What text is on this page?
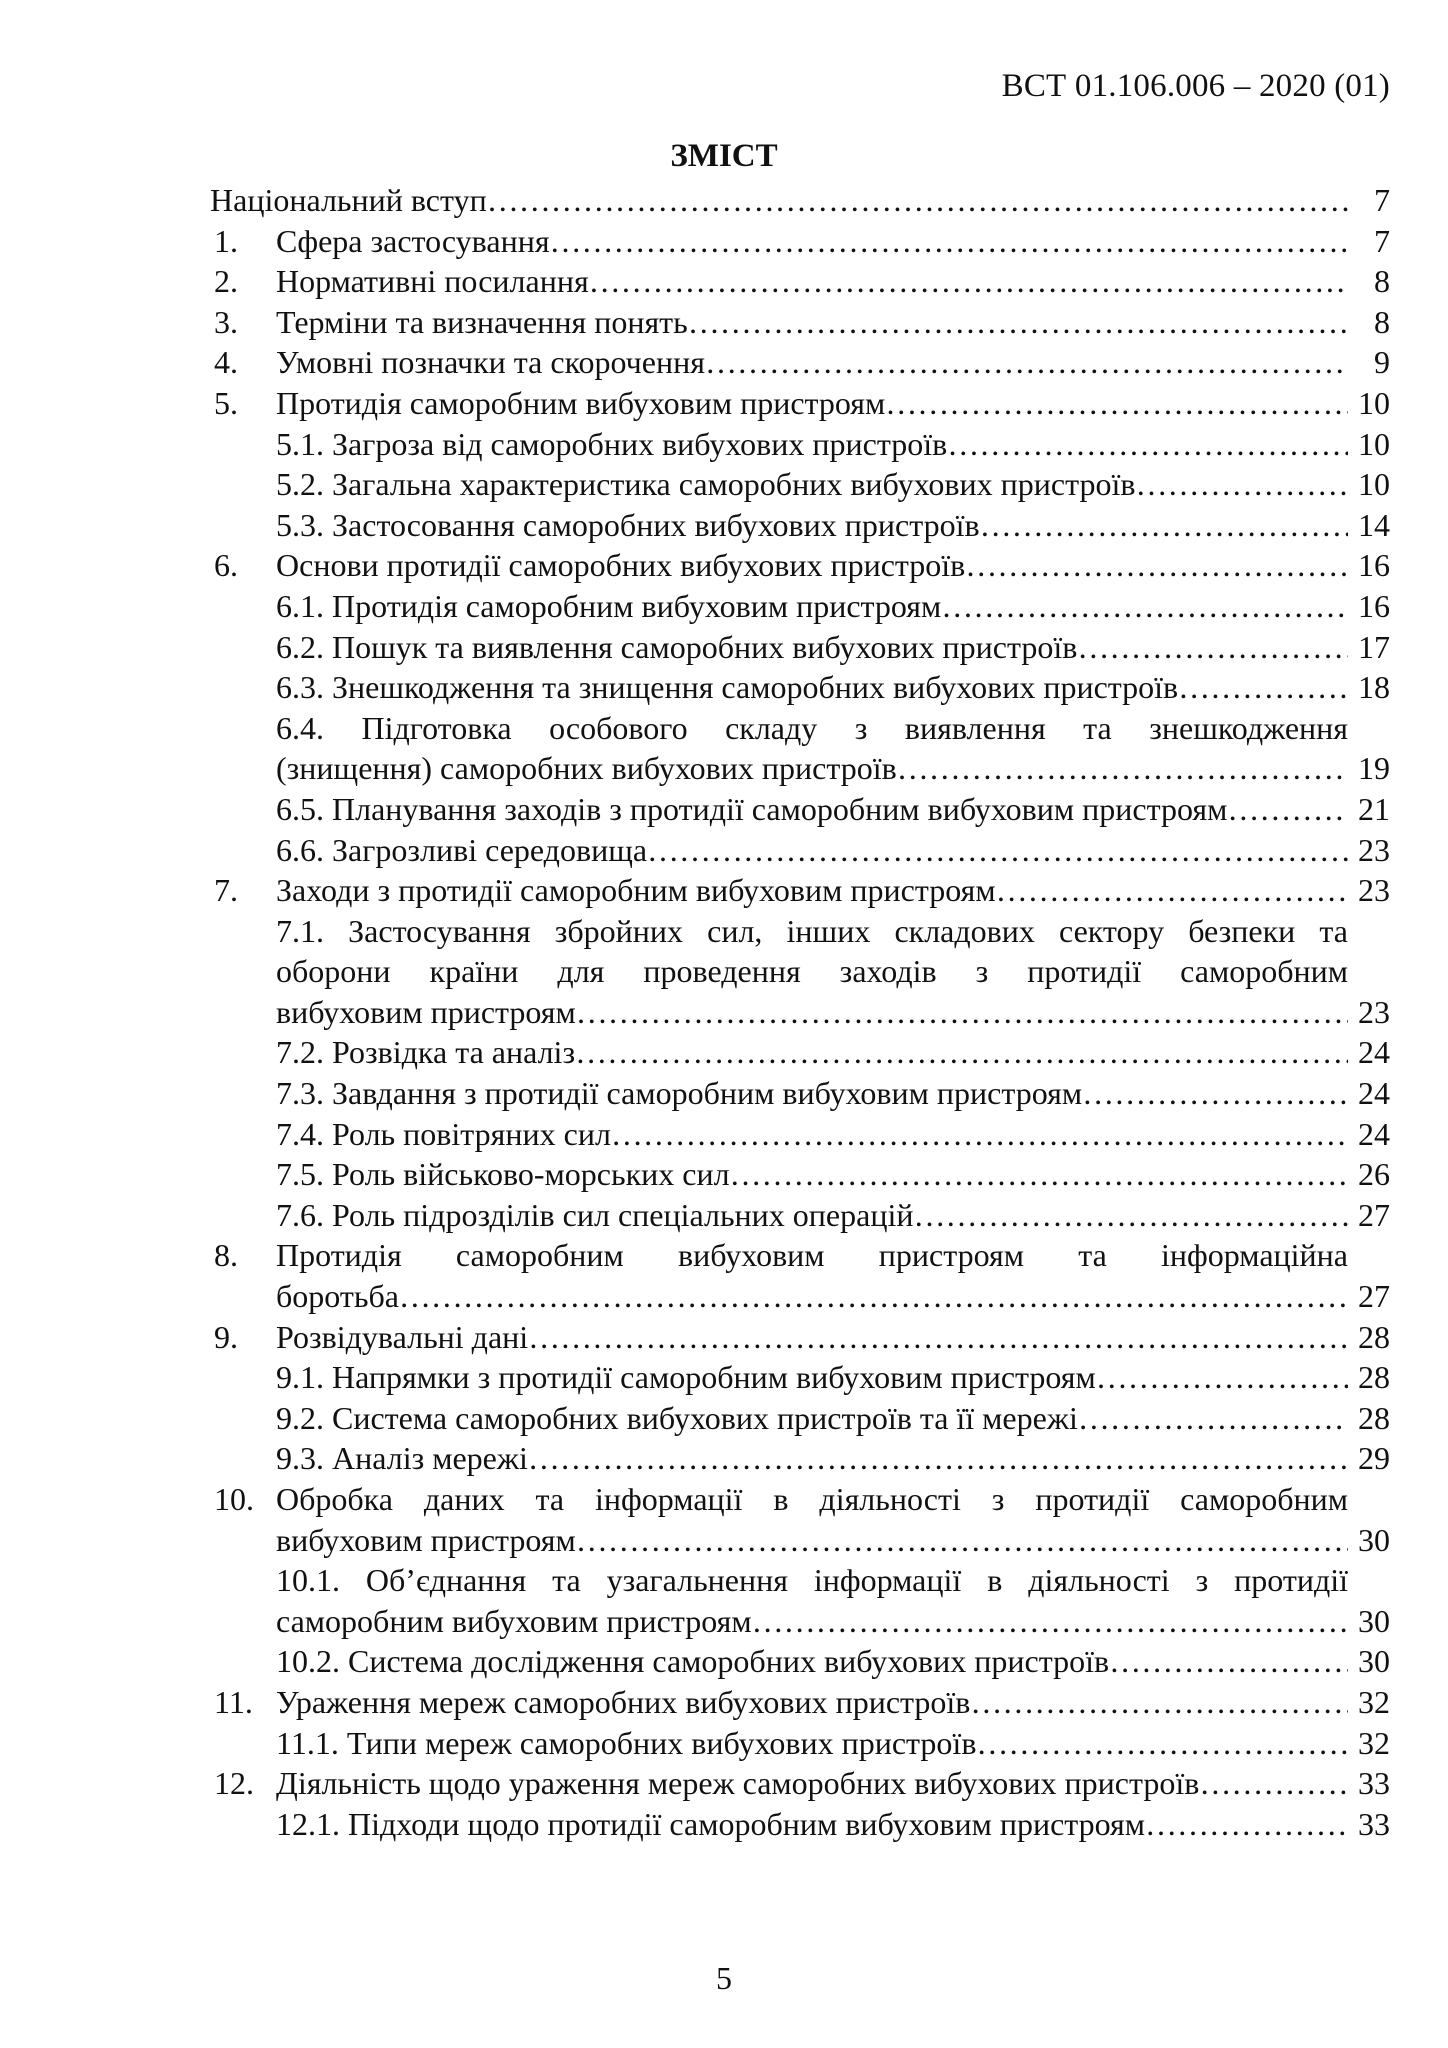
ВСТ 01.106.006 – 2020 (01)
ЗМІСТ
Національний вступ ………………………………………………………………………………………………………………………………………………………………………………	7
1. Сфера застосування ………………………………………………………………………………………………………………………………………………………………………………	7
2. Нормативні посилання ………………………………………………………………………………………………………………………………………………………………………………	8
3. Терміни та визначення понять ………………………………………………………………………………………………………………………………………………………………………………	8
4. Умовні позначки та скорочення ………………………………………………………………………………………………………………………………………………………………………………	9
5. Протидія саморобним вибуховим пристроям ………………………………………………………………………………………………………………………………………………………………………………	10
5.1. Загроза від саморобних вибухових пристроїв ………………………………………………………………………………………………………………………………………………………………………………	10
5.2. Загальна характеристика саморобних вибухових пристроїв ………………………………………………………………………………………………………………………………………………………………………………	10
5.3. Застосовання саморобних вибухових пристроїв ………………………………………………………………………………………………………………………………………………………………………………	14
6. Основи протидії саморобних вибухових пристроїв ………………………………………………………………………………………………………………………………………………………………………………	16
6.1. Протидія саморобним вибуховим пристроям ………………………………………………………………………………………………………………………………………………………………………………	16
6.2. Пошук та виявлення саморобних вибухових пристроїв ………………………………………………………………………………………………………………………………………………………………………………	17
6.3. Знешкодження та знищення саморобних вибухових пристроїв ………………………………………………………………………………………………………………………………………………………………………………	18
6.4. Підготовка особового складу з виявлення та знешкодження
(знищення) саморобних вибухових пристроїв ………………………………………………………………………………………………………………………………………………………………………………	19
6.5. Планування заходів з протидії саморобним вибуховим пристроям ………………………………………………………………………………………………………………………………………………………………………………	21
6.6. Загрозливі середовища ………………………………………………………………………………………………………………………………………………………………………………	23
7. Заходи з протидії саморобним вибуховим пристроям ………………………………………………………………………………………………………………………………………………………………………………	23
7.1. Застосування збройних сил, інших складових сектору безпеки та
оборони країни для проведення заходів з протидії саморобним
вибуховим пристроям ………………………………………………………………………………………………………………………………………………………………………………	23
7.2. Розвідка та аналіз ………………………………………………………………………………………………………………………………………………………………………………	24
7.3. Завдання з протидії саморобним вибуховим пристроям ………………………………………………………………………………………………………………………………………………………………………………	24
7.4. Роль повітряних сил ………………………………………………………………………………………………………………………………………………………………………………	24
7.5. Роль військово-морських сил ………………………………………………………………………………………………………………………………………………………………………………	26
7.6. Роль підрозділів сил спеціальних операцій ………………………………………………………………………………………………………………………………………………………………………………	27
8. Протидія саморобним вибуховим пристроям та інформаційна
боротьба ………………………………………………………………………………………………………………………………………………………………………………	27
9. Розвідувальні дані ………………………………………………………………………………………………………………………………………………………………………………	28
9.1. Напрямки з протидії саморобним вибуховим пристроям ………………………………………………………………………………………………………………………………………………………………………………	28
9.2. Система саморобних вибухових пристроїв та її мережі ………………………………………………………………………………………………………………………………………………………………………………	28
9.3. Аналіз мережі ………………………………………………………………………………………………………………………………………………………………………………	29
10. Обробка даних та інформації в діяльності з протидії саморобним
вибуховим пристроям ………………………………………………………………………………………………………………………………………………………………………………	30
10.1. Об’єднання та узагальнення інформації в діяльності з протидії
саморобним вибуховим пристроям ………………………………………………………………………………………………………………………………………………………………………………	30
10.2. Система дослідження саморобних вибухових пристроїв ………………………………………………………………………………………………………………………………………………………………………………	30
11. Ураження мереж саморобних вибухових пристроїв ………………………………………………………………………………………………………………………………………………………………………………	32
11.1. Типи мереж саморобних вибухових пристроїв ………………………………………………………………………………………………………………………………………………………………………………	32
12. Діяльність щодо ураження мереж саморобних вибухових пристроїв ………………………………………………………………………………………………………………………………………………………………………………	33
12.1. Підходи щодо протидії саморобним вибуховим пристроям ………………………………………………………………………………………………………………………………………………………………………………	33
5
